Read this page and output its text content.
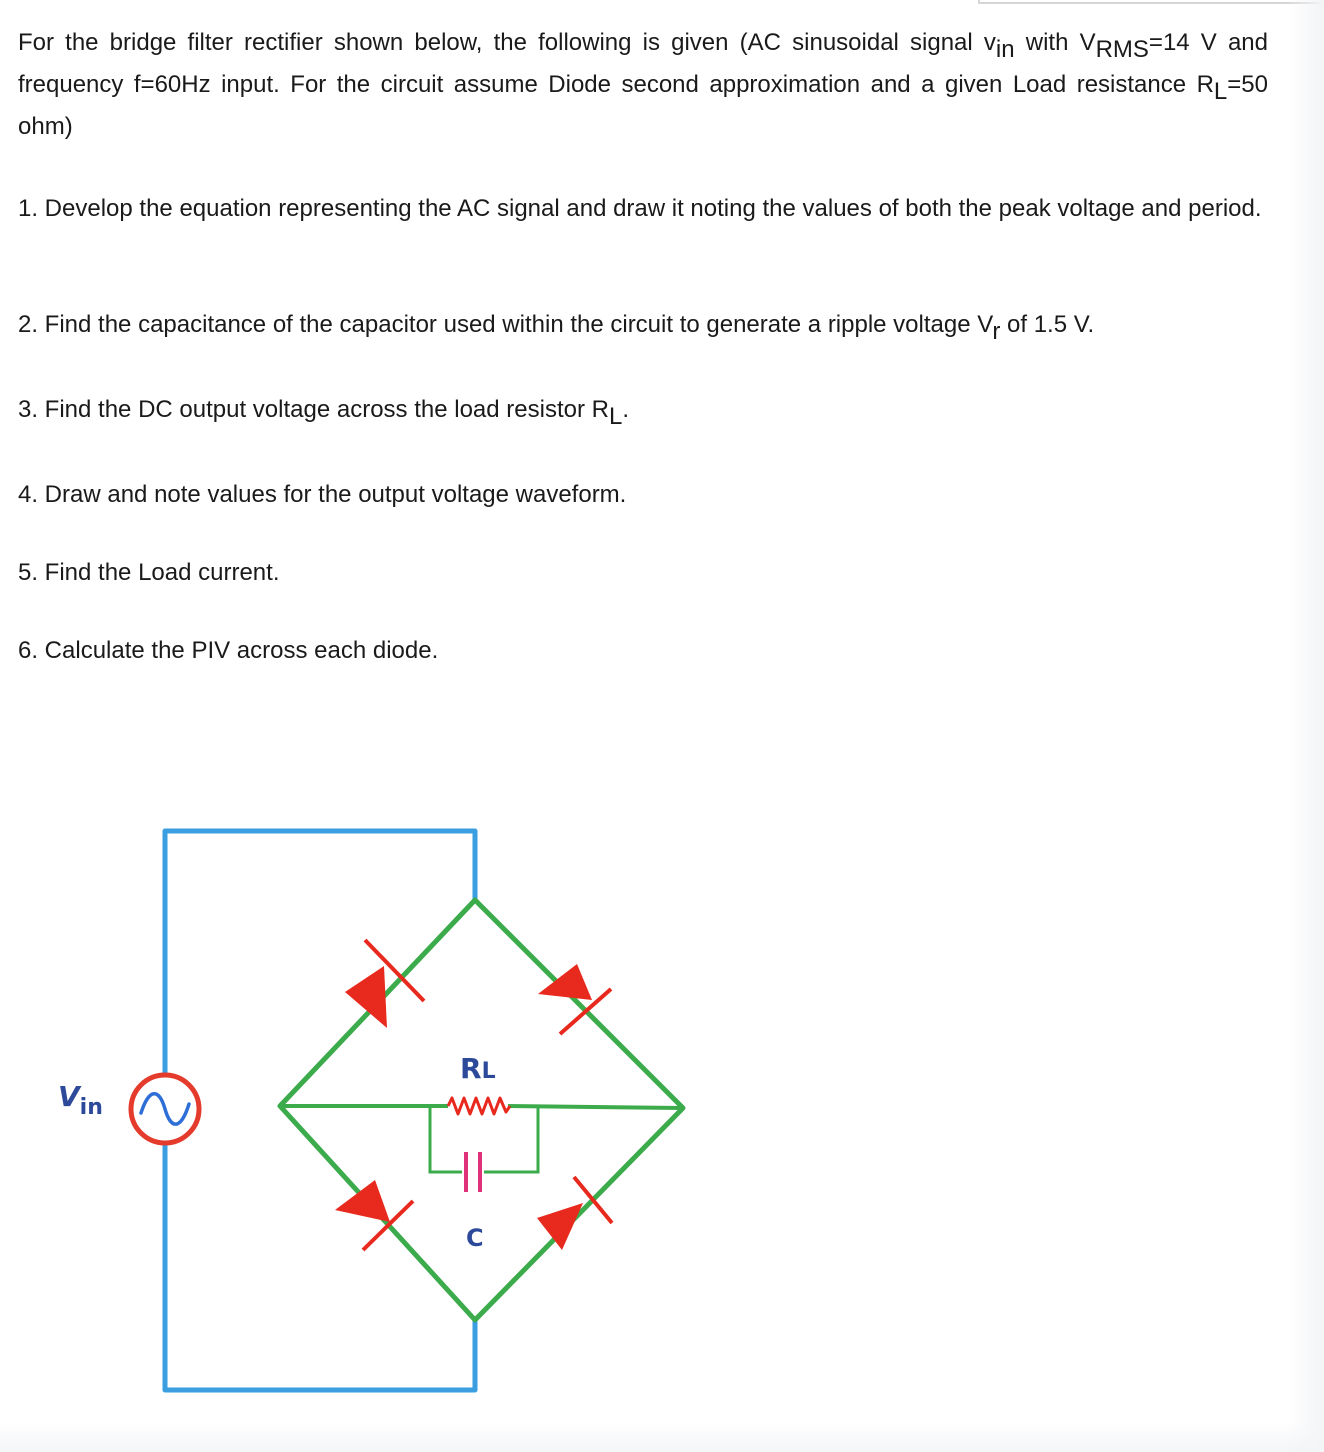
For the bridge filter rectifier shown below, the following is given (AC sinusoidal signal $v_{in}$ with $V_{RMS}=14$ V and frequency f=60Hz input. For the circuit assume Diode second approximation and a given Load resistance $R_L=50$ ohm)

1. Develop the equation representing the AC signal and draw it noting the values of both the peak voltage and period.

2. Find the capacitance of the capacitor used within the circuit to generate a ripple voltage $V_r$ of 1.5 V.

3. Find the DC output voltage across the load resistor $R_L$.

4. Draw and note values for the output voltage waveform.

5. Find the Load current.

6. Calculate the PIV across each diode.

$V_{in}$
RL
C
